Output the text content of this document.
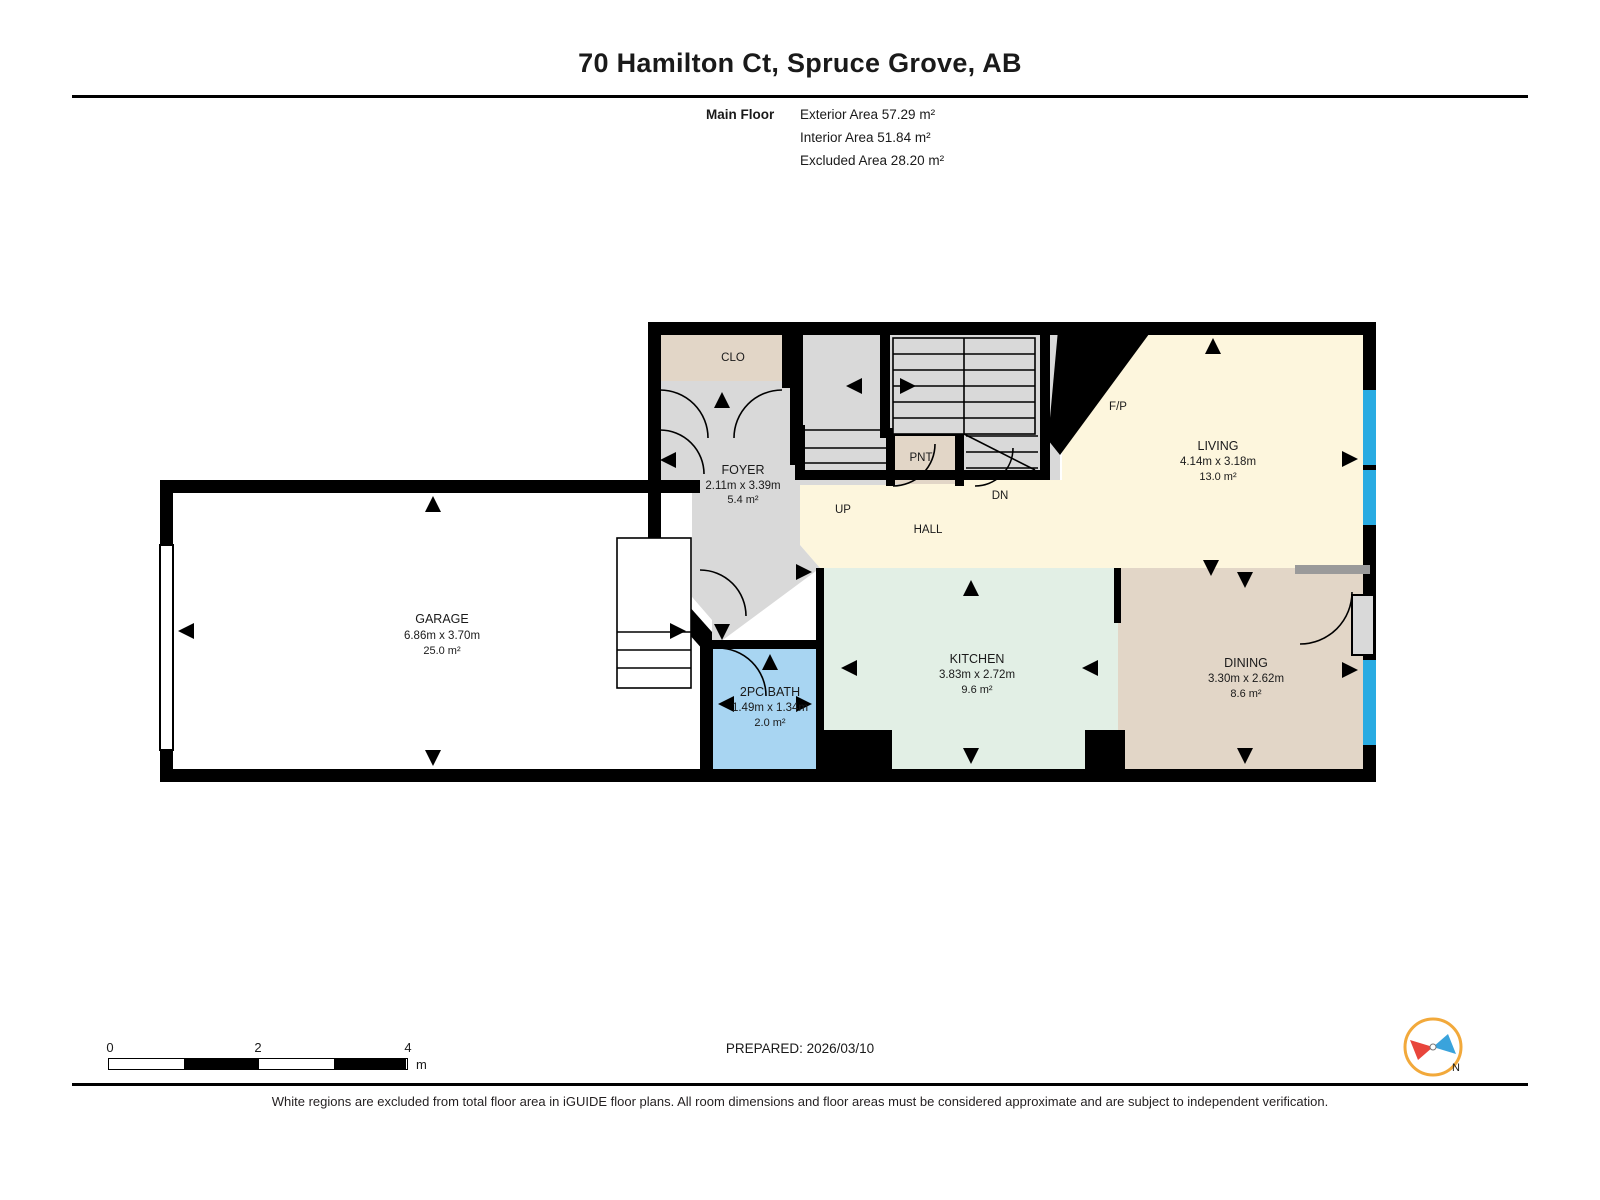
70 Hamilton Ct, Spruce Grove, AB
Main Floor	Exterior Area 57.29 m²
Interior Area 51.84 m²
Excluded Area 28.20 m²
CLO
PNT
HALL
UP
DN
F/P
GARAGE
6.86m x 3.70m
25.0 m²
FOYER
2.11m x 3.39m
5.4 m²
2PC BATH
1.49m x 1.34m
2.0 m²
KITCHEN
3.83m x 2.72m
9.6 m²
DINING
3.30m x 2.62m
8.6 m²
LIVING
4.14m x 3.18m
13.0 m²
0	2	4
m
PREPARED: 2026/03/10
N
White regions are excluded from total floor area in iGUIDE floor plans. All room dimensions and floor areas must be considered approximate and are subject to independent verification.
